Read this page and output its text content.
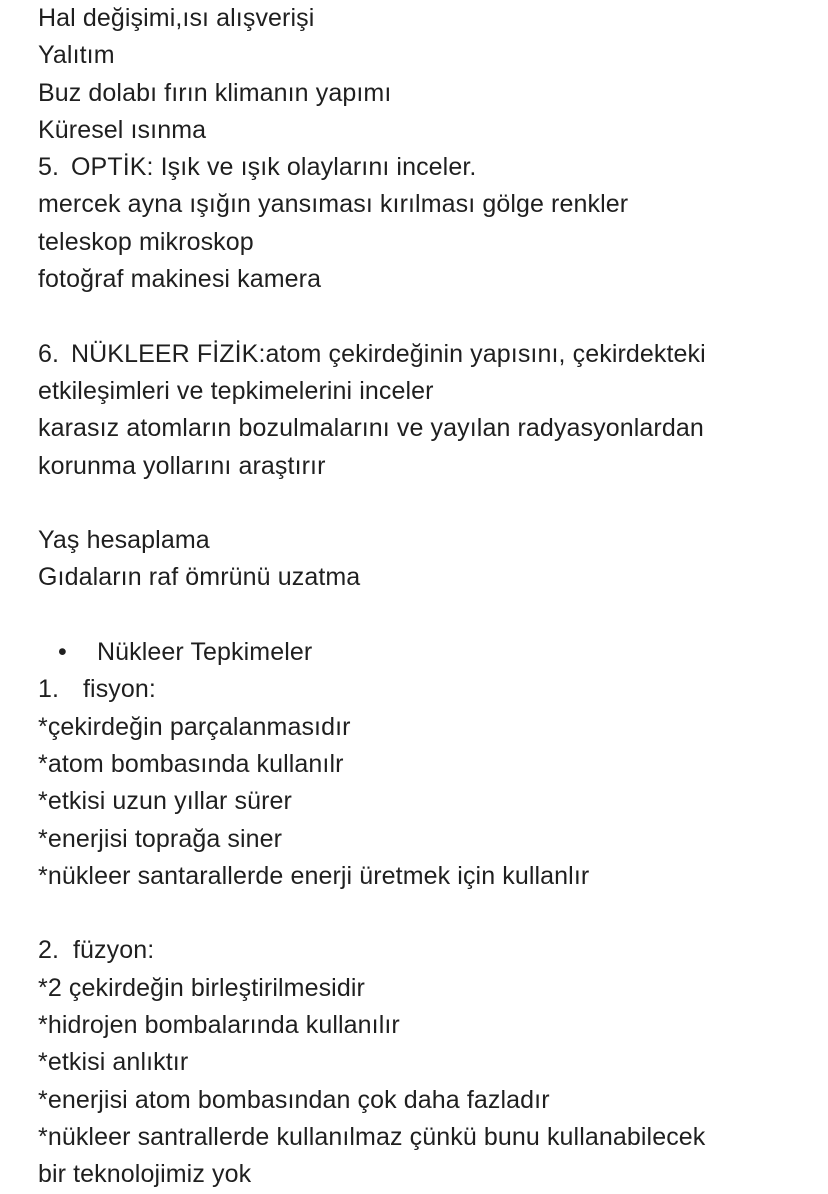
Hal değişimi,ısı alışverişi
Yalıtım
Buz dolabı fırın klimanın yapımı
Küresel ısınma
5. OPTİK: Işık ve ışık olaylarını inceler.
mercek ayna ışığın yansıması kırılması gölge renkler
teleskop mikroskop
fotoğraf makinesi kamera
6. NÜKLEER FİZİK:atom çekirdeğinin yapısını, çekirdekteki
etkileşimleri ve tepkimelerini inceler
karasız atomların bozulmalarını ve yayılan radyasyonlardan
korunma yollarını araştırır
Yaş hesaplama
Gıdaların raf ömrünü uzatma
• Nükleer Tepkimeler
1. fisyon:
*çekirdeğin parçalanmasıdır
*atom bombasında kullanılr
*etkisi uzun yıllar sürer
*enerjisi toprağa siner
*nükleer santarallerde enerji üretmek için kullanlır
2. füzyon:
*2 çekirdeğin birleştirilmesidir
*hidrojen bombalarında kullanılır
*etkisi anlıktır
*enerjisi atom bombasından çok daha fazladır
*nükleer santrallerde kullanılmaz çünkü bunu kullanabilecek
bir teknolojimiz yok
